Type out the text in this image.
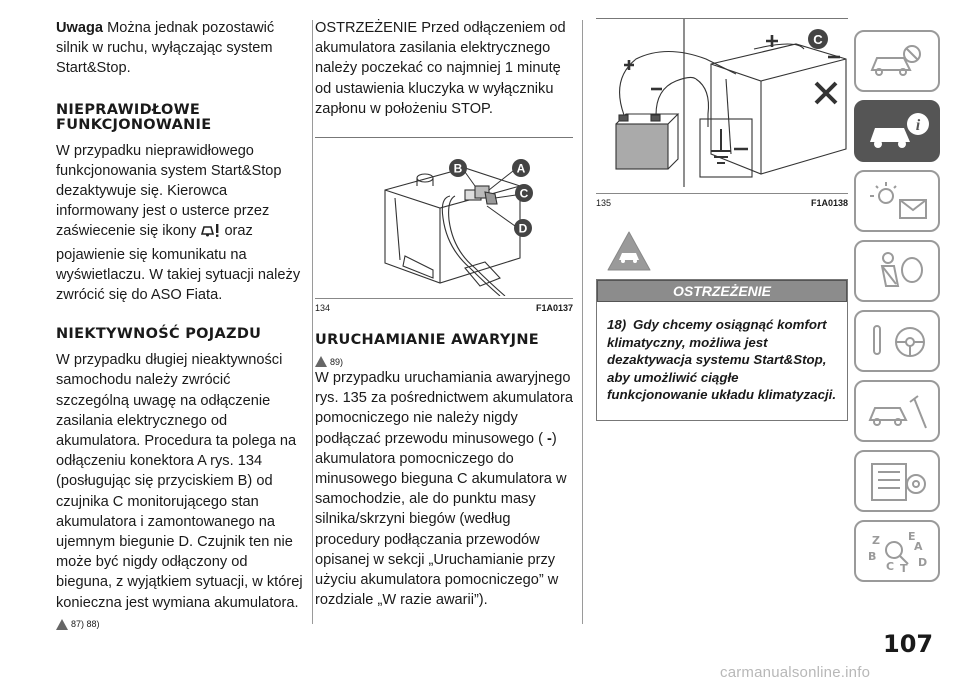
Uwaga Można jednak pozostawić silnik w ruchu, wyłączając system Start&Stop.

NIEPRAWIDŁOWE FUNKCJONOWANIE

W przypadku nieprawidłowego funkcjonowania system Start&Stop dezaktywuje się. Kierowca informowany jest o usterce przez zaświecenie się ikony  oraz pojawienie się komunikatu na wyświetlaczu. W takiej sytuacji należy zwrócić się do ASO Fiata.

NIEKTYWNOŚĆ POJAZDU

W przypadku długiej nieaktywności samochodu należy zwrócić szczególną uwagę na odłączenie zasilania elektrycznego od akumulatora. Procedura ta polega na odłączeniu konektora A rys. 134 (posługując się przyciskiem B) od czujnika C monitorującego stan akumulatora i zamontowanego na ujemnym biegunie D. Czujnik ten nie może być nigdy odłączony od bieguna, z wyjątkiem sytuacji, w której konieczna jest wymiana akumulatora.

87) 88)

OSTRZEŻENIE Przed odłączeniem od akumulatora zasilania elektrycznego należy poczekać co najmniej 1 minutę od ustawienia kluczyka w wyłączniku zapłonu w położeniu STOP.

B	A
C
D
134	F1A0137
URUCHAMIANIE AWARYJNE
89)

W przypadku uruchamiania awaryjnego rys. 135 za pośrednictwem akumulatora pomocniczego nie należy nigdy podłączać przewodu minusowego ( -) akumulatora pomocniczego do minusowego bieguna C akumulatora w samochodzie, ale do punktu masy silnika/skrzyni biegów (według procedury podłączania przewodów opisanej w sekcji „Uruchamianie przy użyciu akumulatora pomocniczego” w rozdziale „W razie awarii”).

C
135	F1A0138
OSTRZEŻENIE
18) Gdy chcemy osiągnąć komfort klimatyczny, możliwa jest dezaktywacja systemu Start&Stop, aby umożliwić ciągłe funkcjonowanie układu klimatyzacji.
i
Z	E
B
C T D
A
107
carmanualsonline.info
